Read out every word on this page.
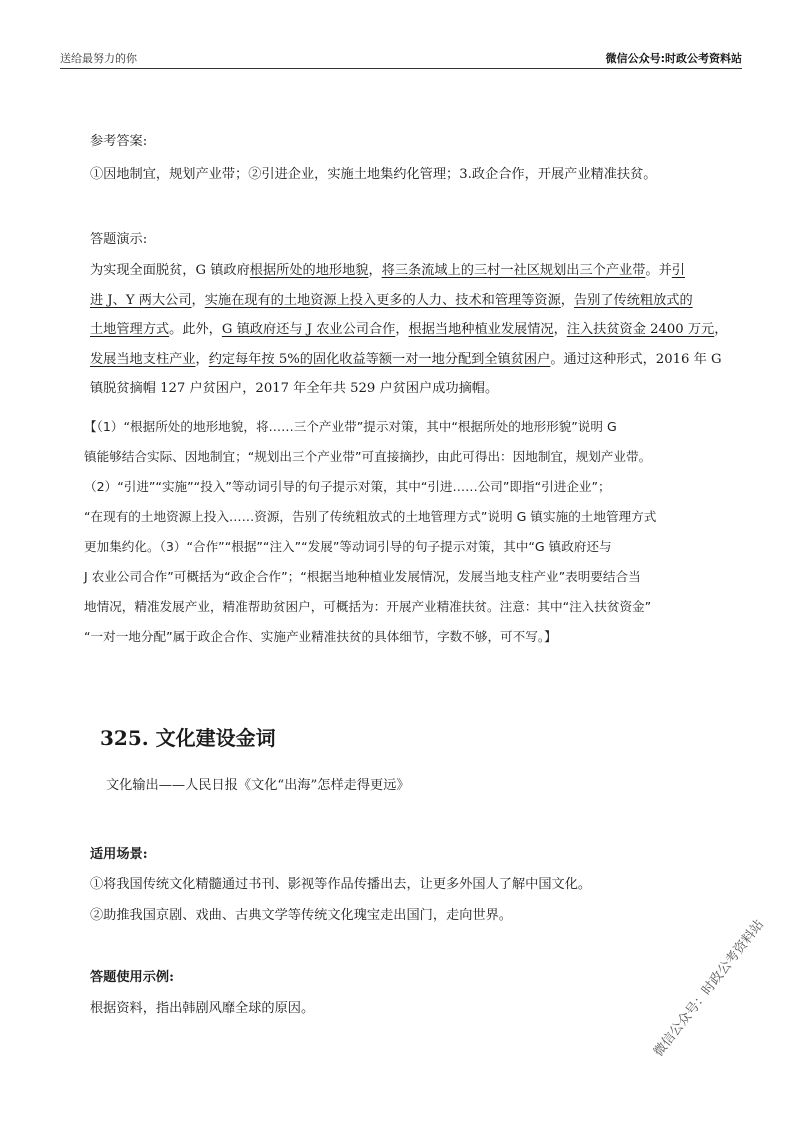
送给最努力的你	微信公众号:时政公考资料站
参考答案:
①因地制宜，规划产业带；②引进企业，实施土地集约化管理；3.政企合作，开展产业精准扶贫。
答题演示:
为实现全面脱贫，G 镇政府根据所处的地形地貌，将三条流域上的三村一社区规划出三个产业带。并引
进 J、Y 两大公司，实施在现有的土地资源上投入更多的人力、技术和管理等资源，告别了传统粗放式的
土地管理方式。此外，G 镇政府还与 J 农业公司合作，根据当地种植业发展情况，注入扶贫资金 2400 万元，
发展当地支柱产业，约定每年按 5%的固化收益等额一对一地分配到全镇贫困户。通过这种形式，2016 年 G
镇脱贫摘帽 127 户贫困户，2017 年全年共 529 户贫困户成功摘帽。
【（1）“根据所处的地形地貌，将……三个产业带”提示对策，其中“根据所处的地形形貌”说明 G
镇能够结合实际、因地制宜；“规划出三个产业带”可直接摘抄，由此可得出：因地制宜，规划产业带。
（2）“引进”“实施”“投入”等动词引导的句子提示对策，其中“引进……公司”即指“引进企业”；
“在现有的土地资源上投入……资源，告别了传统粗放式的土地管理方式”说明 G 镇实施的土地管理方式
更加集约化。（3）“合作”“根据”“注入”“发展”等动词引导的句子提示对策，其中“G 镇政府还与
J 农业公司合作”可概括为“政企合作”；“根据当地种植业发展情况，发展当地支柱产业”表明要结合当
地情况，精准发展产业，精准帮助贫困户，可概括为：开展产业精准扶贫。注意：其中“注入扶贫资金”
“一对一地分配”属于政企合作、实施产业精准扶贫的具体细节，字数不够，可不写。】
325. 文化建设金词
文化输出——人民日报《文化“出海”怎样走得更远》
适用场景:
①将我国传统文化精髓通过书刊、影视等作品传播出去，让更多外国人了解中国文化。
②助推我国京剧、戏曲、古典文学等传统文化瑰宝走出国门，走向世界。
答题使用示例:
根据资料，指出韩剧风靡全球的原因。	微信公众号：时政公考资料站
